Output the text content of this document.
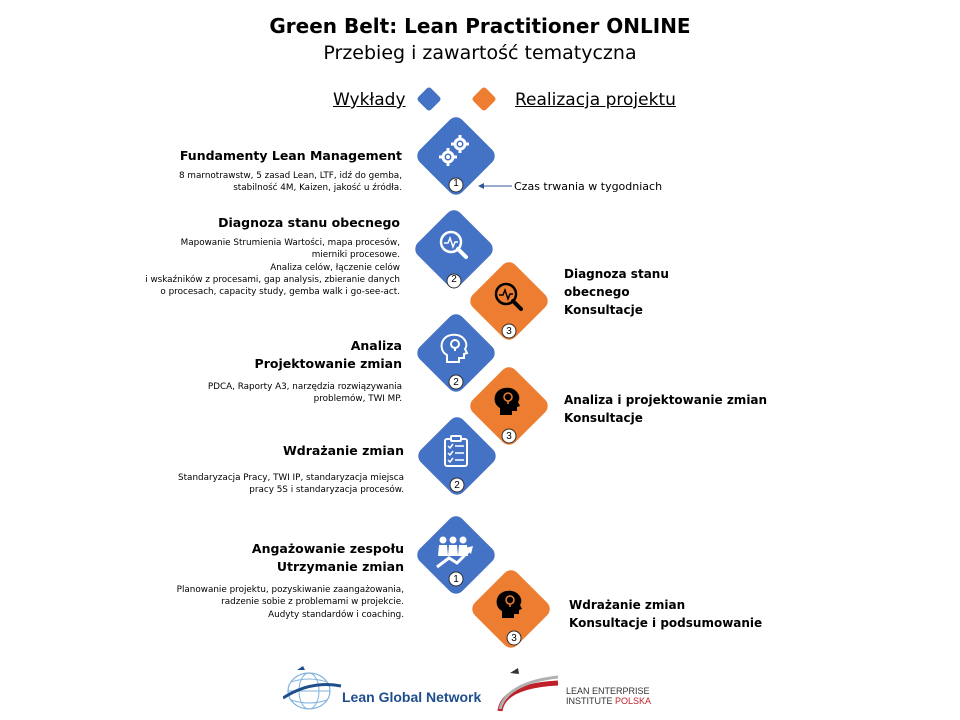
Green Belt: Lean Practitioner ONLINE
Przebieg i zawartość tematyczna
Wykłady	Realizacja projektu
Fundamenty Lean Management
8 marnotrawstw, 5 zasad Lean, LTF, idź do gemba,
stabilność 4M, Kaizen, jakość u źródła.	1	Czas trwania w tygodniach
Diagnoza stanu obecnego
Mapowanie Strumienia Wartości, mapa procesów,
mierniki procesowe.
Analiza celów, łączenie celów
i wskaźników z procesami, gap analysis, zbieranie danych
o procesach, capacity study, gemba walk i go-see-act.
2
3
Diagnoza stanu
obecnego
Konsultacje
Analiza
Projektowanie zmian
PDCA, Raporty A3, narzędzia rozwiązywania
problemów, TWI MP.
2
3
Analiza i projektowanie zmian
Konsultacje
Wdrażanie zmian
Standaryzacja Pracy, TWI IP, standaryzacja miejsca
pracy 5S i standaryzacja procesów.	2
Angażowanie zespołu
Utrzymanie zmian
Planowanie projektu, pozyskiwanie zaangażowania,
radzenie sobie z problemami w projekcie.
Audyty standardów i coaching.
1
3
Wdrażanie zmian
Konsultacje i podsumowanie
Lean Global Network	LEAN ENTERPRISE
INSTITUTE POLSKA
